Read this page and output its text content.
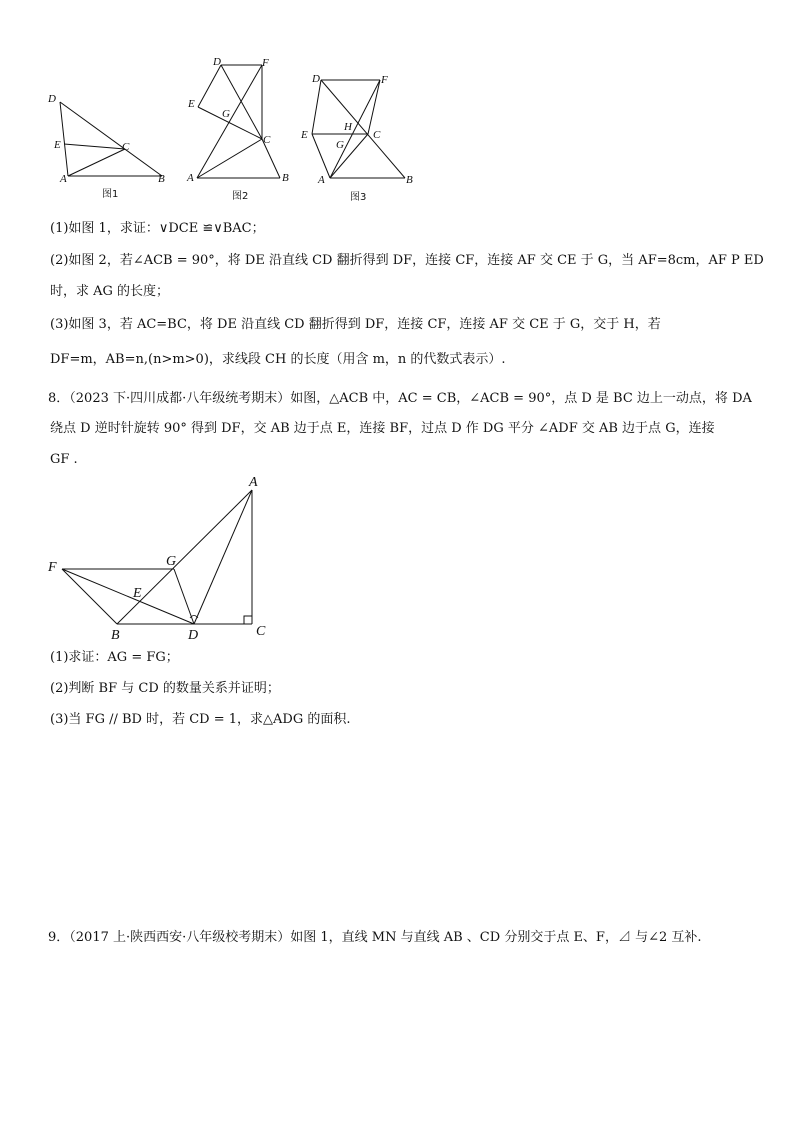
D
E	C
A	B
图1
D	F
E
G
C
A	B
图2
D	F
E
H
C
G
A	B
图3
(1)如图 1，求证：∨DCE ≌∨BAC；
(2)如图 2，若∠ACB = 90°，将 DE 沿直线 CD 翻折得到 DF，连接 CF，连接 AF 交 CE 于 G，当 AF=8cm，AF P ED
时，求 AG 的长度；
(3)如图 3，若 AC=BC，将 DE 沿直线 CD 翻折得到 DF，连接 CF，连接 AF 交 CE 于 G，交于 H，若
DF=m，AB=n,(n>m>0)，求线段 CH 的长度（用含 m，n 的代数式表示）.
8．（2023 下·四川成都·八年级统考期末）如图，△ACB 中，AC = CB，∠ACB = 90°，点 D 是 BC 边上一动点，将 DA
绕点 D 逆时针旋转 90° 得到 DF，交 AB 边于点 E，连接 BF，过点 D 作 DG 平分 ∠ADF 交 AB 边于点 G，连接
GF .
A
F	G
E
B	D	C
(1)求证：AG = FG；
(2)判断 BF 与 CD 的数量关系并证明；
(3)当 FG // BD 时，若 CD = 1，求△ADG 的面积.
9．（2017 上·陕西西安·八年级校考期末）如图 1，直线 MN 与直线 AB 、CD 分别交于点 E、F，⊿ 与∠2 互补.
